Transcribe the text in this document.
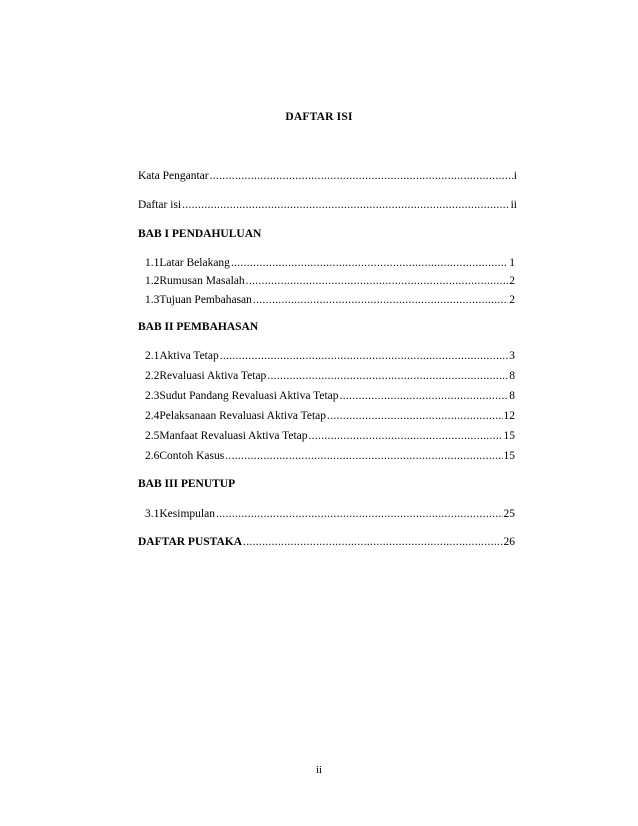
DAFTAR ISI
Kata Pengantar .....	i
Daftar isi .....	ii
BAB I PENDAHULUAN
1.1 Latar Belakang .....	1
1.2 Rumusan Masalah .....	2
1.3 Tujuan Pembahasan .....	2
BAB II PEMBAHASAN
2.1 Aktiva Tetap .....	3
2.2 Revaluasi Aktiva Tetap .....	8
2.3 Sudut Pandang Revaluasi Aktiva Tetap .....	8
2.4 Pelaksanaan Revaluasi Aktiva Tetap .....	12
2.5 Manfaat Revaluasi Aktiva Tetap .....	15
2.6 Contoh Kasus .....	15
BAB III PENUTUP
3.1 Kesimpulan .....	25
DAFTAR PUSTAKA .....	26
ii
